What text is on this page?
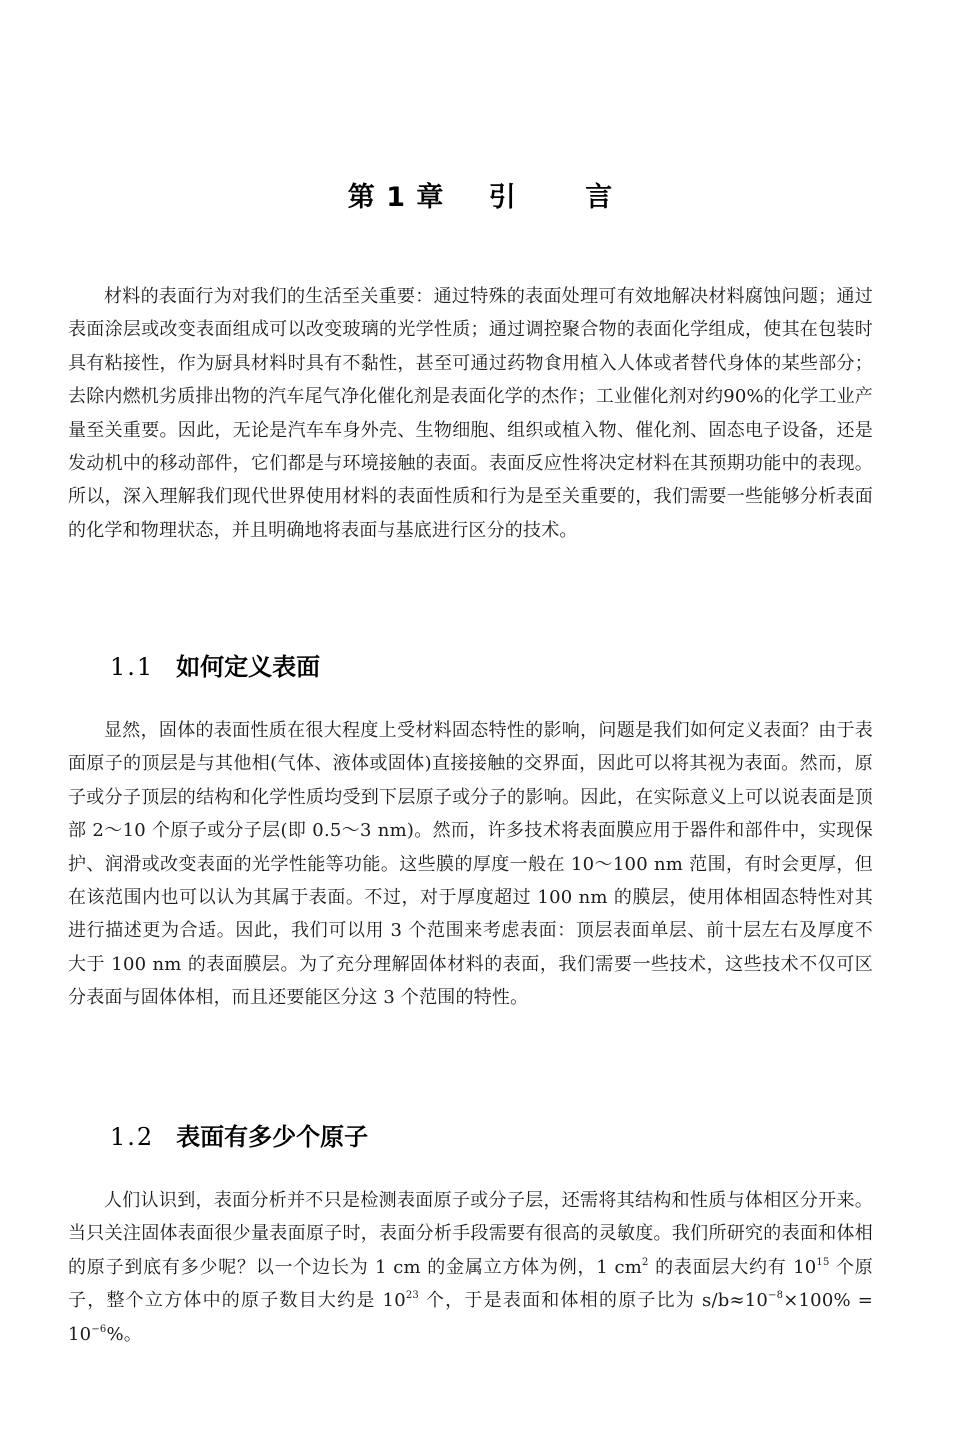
第 1 章 引	言

材料的表面行为对我们的生活至关重要：通过特殊的表面处理可有效地解决材料腐蚀问题；通过表面涂层或改变表面组成可以改变玻璃的光学性质；通过调控聚合物的表面化学组成，使其在包装时具有粘接性，作为厨具材料时具有不黏性，甚至可通过药物食用植入人体或者替代身体的某些部分；去除内燃机劣质排出物的汽车尾气净化催化剂是表面化学的杰作；工业催化剂对约90%的化学工业产量至关重要。因此，无论是汽车车身外壳、生物细胞、组织或植入物、催化剂、固态电子设备，还是发动机中的移动部件，它们都是与环境接触的表面。表面反应性将决定材料在其预期功能中的表现。所以，深入理解我们现代世界使用材料的表面性质和行为是至关重要的，我们需要一些能够分析表面的化学和物理状态，并且明确地将表面与基底进行区分的技术。

1.1 如何定义表面

显然，固体的表面性质在很大程度上受材料固态特性的影响，问题是我们如何定义表面？由于表面原子的顶层是与其他相(气体、液体或固体)直接接触的交界面，因此可以将其视为表面。然而，原子或分子顶层的结构和化学性质均受到下层原子或分子的影响。因此，在实际意义上可以说表面是顶部 2～10 个原子或分子层(即 0.5～3 nm)。然而，许多技术将表面膜应用于器件和部件中，实现保护、润滑或改变表面的光学性能等功能。这些膜的厚度一般在 10～100 nm 范围，有时会更厚，但在该范围内也可以认为其属于表面。不过，对于厚度超过 100 nm 的膜层，使用体相固态特性对其进行描述更为合适。因此，我们可以用 3 个范围来考虑表面：顶层表面单层、前十层左右及厚度不大于 100 nm 的表面膜层。为了充分理解固体材料的表面，我们需要一些技术，这些技术不仅可区分表面与固体体相，而且还要能区分这 3 个范围的特性。

1.2 表面有多少个原子

人们认识到，表面分析并不只是检测表面原子或分子层，还需将其结构和性质与体相区分开来。当只关注固体表面很少量表面原子时，表面分析手段需要有很高的灵敏度。我们所研究的表面和体相的原子到底有多少呢？以一个边长为 1 cm 的金属立方体为例，1 $cm^2$ 的表面层大约有 $10^{15}$ 个原子，整个立方体中的原子数目大约是 $10^{23}$ 个，于是表面和体相的原子比为 $s/b\approx 10^{-8}\times 100\% = 10^{-6}\%$。
